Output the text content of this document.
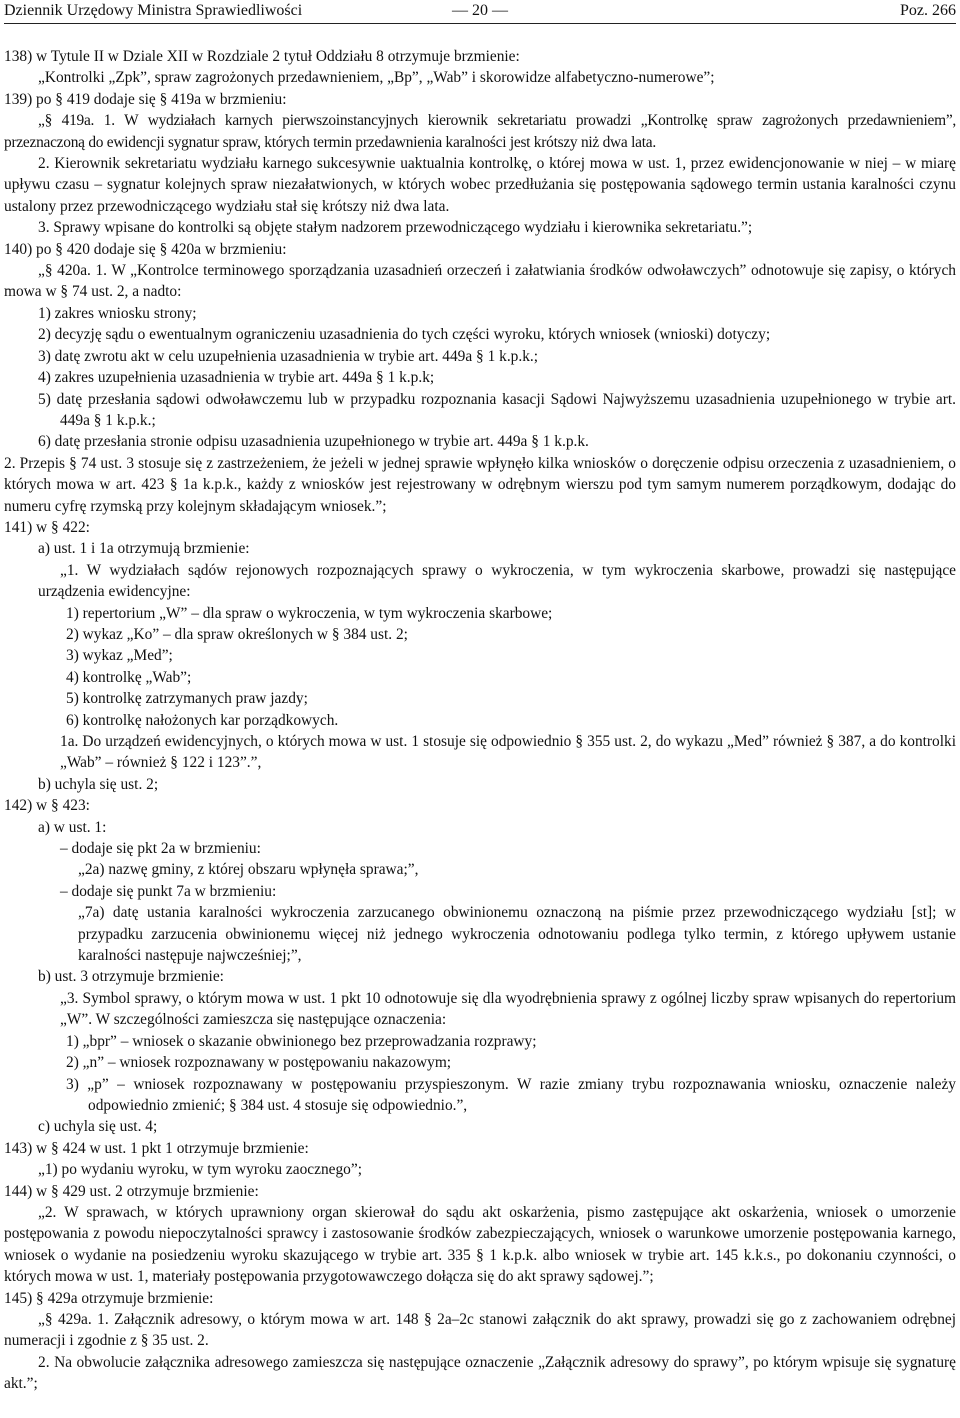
Dziennik Urzędowy Ministra Sprawiedliwości	— 20 —	Poz. 266

138) w Tytule II w Dziale XII w Rozdziale 2 tytuł Oddziału 8 otrzymuje brzmienie:

„Kontrolki „Zpk”, spraw zagrożonych przedawnieniem, „Bp”, „Wab” i skorowidze alfabetyczno-numerowe”;

139) po § 419 dodaje się § 419a w brzmieniu:

„§ 419a. 1. W wydziałach karnych pierwszoinstancyjnych kierownik sekretariatu prowadzi „Kontrolkę spraw zagrożonych przedawnieniem”, przeznaczoną do ewidencji sygnatur spraw, których termin przedawnienia karalności jest krótszy niż dwa lata.

2. Kierownik sekretariatu wydziału karnego sukcesywnie uaktualnia kontrolkę, o której mowa w ust. 1, przez ewidencjonowanie w niej – w miarę upływu czasu – sygnatur kolejnych spraw niezałatwionych, w których wobec przedłużania się postępowania sądowego termin ustania karalności czynu ustalony przez przewodniczącego wydziału stał się krótszy niż dwa lata.

3. Sprawy wpisane do kontrolki są objęte stałym nadzorem przewodniczącego wydziału i kierownika sekretariatu.”;

140) po § 420 dodaje się § 420a w brzmieniu:

„§ 420a. 1. W „Kontrolce terminowego sporządzania uzasadnień orzeczeń i załatwiania środków odwoławczych” odnotowuje się zapisy, o których mowa w § 74 ust. 2, a nadto:

1) zakres wniosku strony;

2) decyzję sądu o ewentualnym ograniczeniu uzasadnienia do tych części wyroku, których wniosek (wnioski) dotyczy;

3) datę zwrotu akt w celu uzupełnienia uzasadnienia w trybie art. 449a § 1 k.p.k.;

4) zakres uzupełnienia uzasadnienia w trybie art. 449a § 1 k.p.k;

5) datę przesłania sądowi odwoławczemu lub w przypadku rozpoznania kasacji Sądowi Najwyższemu uzasadnienia uzupełnionego w trybie art. 449a § 1 k.p.k.;

6) datę przesłania stronie odpisu uzasadnienia uzupełnionego w trybie art. 449a § 1 k.p.k.

2. Przepis § 74 ust. 3 stosuje się z zastrzeżeniem, że jeżeli w jednej sprawie wpłynęło kilka wniosków o doręczenie odpisu orzeczenia z uzasadnieniem, o których mowa w art. 423 § 1a k.p.k., każdy z wniosków jest rejestrowany w odrębnym wierszu pod tym samym numerem porządkowym, dodając do numeru cyfrę rzymską przy kolejnym składającym wniosek.”;

141) w § 422:

a) ust. 1 i 1a otrzymują brzmienie:

„1. W wydziałach sądów rejonowych rozpoznających sprawy o wykroczenia, w tym wykroczenia skarbowe, prowadzi się następujące urządzenia ewidencyjne:

1) repertorium „W” – dla spraw o wykroczenia, w tym wykroczenia skarbowe;

2) wykaz „Ko” – dla spraw określonych w § 384 ust. 2;

3) wykaz „Med”;

4) kontrolkę „Wab”;

5) kontrolkę zatrzymanych praw jazdy;

6) kontrolkę nałożonych kar porządkowych.

1a. Do urządzeń ewidencyjnych, o których mowa w ust. 1 stosuje się odpowiednio § 355 ust. 2, do wykazu „Med” również § 387, a do kontrolki „Wab” – również § 122 i 123”.”,

b) uchyla się ust. 2;

142) w § 423:

a) w ust. 1:

– dodaje się pkt 2a w brzmieniu:

„2a) nazwę gminy, z której obszaru wpłynęła sprawa;”,

– dodaje się punkt 7a w brzmieniu:

„7a) datę ustania karalności wykroczenia zarzucanego obwinionemu oznaczoną na piśmie przez przewodniczącego wydziału [st]; w przypadku zarzucenia obwinionemu więcej niż jednego wykroczenia odnotowaniu podlega tylko termin, z którego upływem ustanie karalności następuje najwcześniej;”,

b) ust. 3 otrzymuje brzmienie:

„3. Symbol sprawy, o którym mowa w ust. 1 pkt 10 odnotowuje się dla wyodrębnienia sprawy z ogólnej liczby spraw wpisanych do repertorium „W”. W szczególności zamieszcza się następujące oznaczenia:

1) „bpr” – wniosek o skazanie obwinionego bez przeprowadzania rozprawy;

2) „n” – wniosek rozpoznawany w postępowaniu nakazowym;

3) „p” – wniosek rozpoznawany w postępowaniu przyspieszonym. W razie zmiany trybu rozpoznawania wniosku, oznaczenie należy odpowiednio zmienić; § 384 ust. 4 stosuje się odpowiednio.”,

c) uchyla się ust. 4;

143) w § 424 w ust. 1 pkt 1 otrzymuje brzmienie:

„1) po wydaniu wyroku, w tym wyroku zaocznego”;

144) w § 429 ust. 2 otrzymuje brzmienie:

„2. W sprawach, w których uprawniony organ skierował do sądu akt oskarżenia, pismo zastępujące akt oskarżenia, wniosek o umorzenie postępowania z powodu niepoczytalności sprawcy i zastosowanie środków zabezpieczających, wniosek o warunkowe umorzenie postępowania karnego, wniosek o wydanie na posiedzeniu wyroku skazującego w trybie art. 335 § 1 k.p.k. albo wniosek w trybie art. 145 k.k.s., po dokonaniu czynności, o których mowa w ust. 1, materiały postępowania przygotowawczego dołącza się do akt sprawy sądowej.”;

145) § 429a otrzymuje brzmienie:

„§ 429a. 1. Załącznik adresowy, o którym mowa w art. 148 § 2a–2c stanowi załącznik do akt sprawy, prowadzi się go z zachowaniem odrębnej numeracji i zgodnie z § 35 ust. 2.

2. Na obwolucie załącznika adresowego zamieszcza się następujące oznaczenie „Załącznik adresowy do sprawy”, po którym wpisuje się sygnaturę akt.”;
